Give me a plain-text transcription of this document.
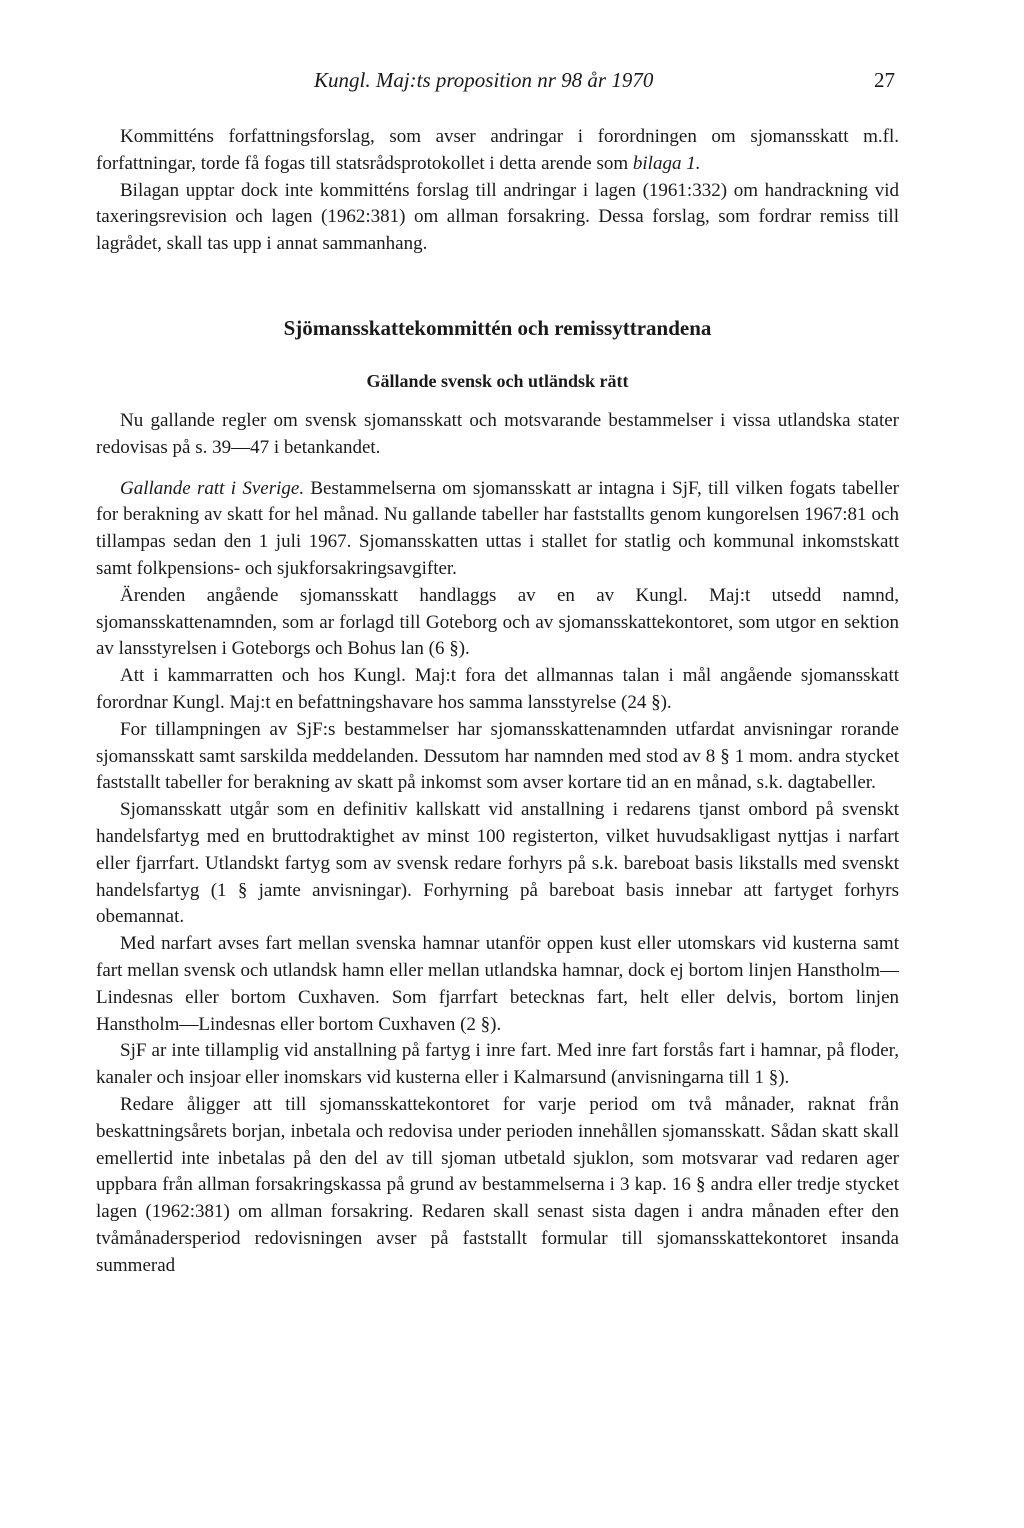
Kungl. Maj:ts proposition nr 98 år 1970	27

Kommitténs forfattningsforslag, som avser andringar i forordningen om sjomansskatt m.fl. forfattningar, torde få fogas till statsrådsprotokollet i detta arende som bilaga 1.

Bilagan upptar dock inte kommitténs forslag till andringar i lagen (1961:332) om handrackning vid taxeringsrevision och lagen (1962:381) om allman forsakring. Dessa forslag, som fordrar remiss till lagrådet, skall tas upp i annat sammanhang.

Sjömansskattekommittén och remissyttrandena
Gällande svensk och utländsk rätt

Nu gallande regler om svensk sjomansskatt och motsvarande bestammelser i vissa utlandska stater redovisas på s. 39—47 i betankandet.

Gallande ratt i Sverige. Bestammelserna om sjomansskatt ar intagna i SjF, till vilken fogats tabeller for berakning av skatt for hel månad. Nu gallande tabeller har faststallts genom kungorelsen 1967:81 och tillampas sedan den 1 juli 1967. Sjomansskatten uttas i stallet for statlig och kommunal inkomstskatt samt folkpensions- och sjukforsakringsavgifter.

Ärenden angående sjomansskatt handlaggs av en av Kungl. Maj:t utsedd namnd, sjomansskattenamnden, som ar forlagd till Goteborg och av sjomansskattekontoret, som utgor en sektion av lansstyrelsen i Goteborgs och Bohus lan (6 §).

Att i kammarratten och hos Kungl. Maj:t fora det allmannas talan i mål angående sjomansskatt forordnar Kungl. Maj:t en befattningshavare hos samma lansstyrelse (24 §).

For tillampningen av SjF:s bestammelser har sjomansskattenamnden utfardat anvisningar rorande sjomansskatt samt sarskilda meddelanden. Dessutom har namnden med stod av 8 § 1 mom. andra stycket faststallt tabeller for berakning av skatt på inkomst som avser kortare tid an en månad, s.k. dagtabeller.

Sjomansskatt utgår som en definitiv kallskatt vid anstallning i redarens tjanst ombord på svenskt handelsfartyg med en bruttodraktighet av minst 100 registerton, vilket huvudsakligast nyttjas i narfart eller fjarrfart. Utlandskt fartyg som av svensk redare forhyrs på s.k. bareboat basis likstalls med svenskt handelsfartyg (1 § jamte anvisningar). Forhyrning på bareboat basis innebar att fartyget forhyrs obemannat.

Med narfart avses fart mellan svenska hamnar utanför oppen kust eller utomskars vid kusterna samt fart mellan svensk och utlandsk hamn eller mellan utlandska hamnar, dock ej bortom linjen Hanstholm—Lindesnas eller bortom Cuxhaven. Som fjarrfart betecknas fart, helt eller delvis, bortom linjen Hanstholm—Lindesnas eller bortom Cuxhaven (2 §).

SjF ar inte tillamplig vid anstallning på fartyg i inre fart. Med inre fart forstås fart i hamnar, på floder, kanaler och insjoar eller inomskars vid kusterna eller i Kalmarsund (anvisningarna till 1 §).

Redare åligger att till sjomansskattekontoret for varje period om två månader, raknat från beskattningsårets borjan, inbetala och redovisa under perioden innehållen sjomansskatt. Sådan skatt skall emellertid inte inbetalas på den del av till sjoman utbetald sjuklon, som motsvarar vad redaren ager uppbara från allman forsakringskassa på grund av bestammelserna i 3 kap. 16 § andra eller tredje stycket lagen (1962:381) om allman forsakring. Redaren skall senast sista dagen i andra månaden efter den tvåmånadersperiod redovisningen avser på faststallt formular till sjomansskattekontoret insanda summerad
